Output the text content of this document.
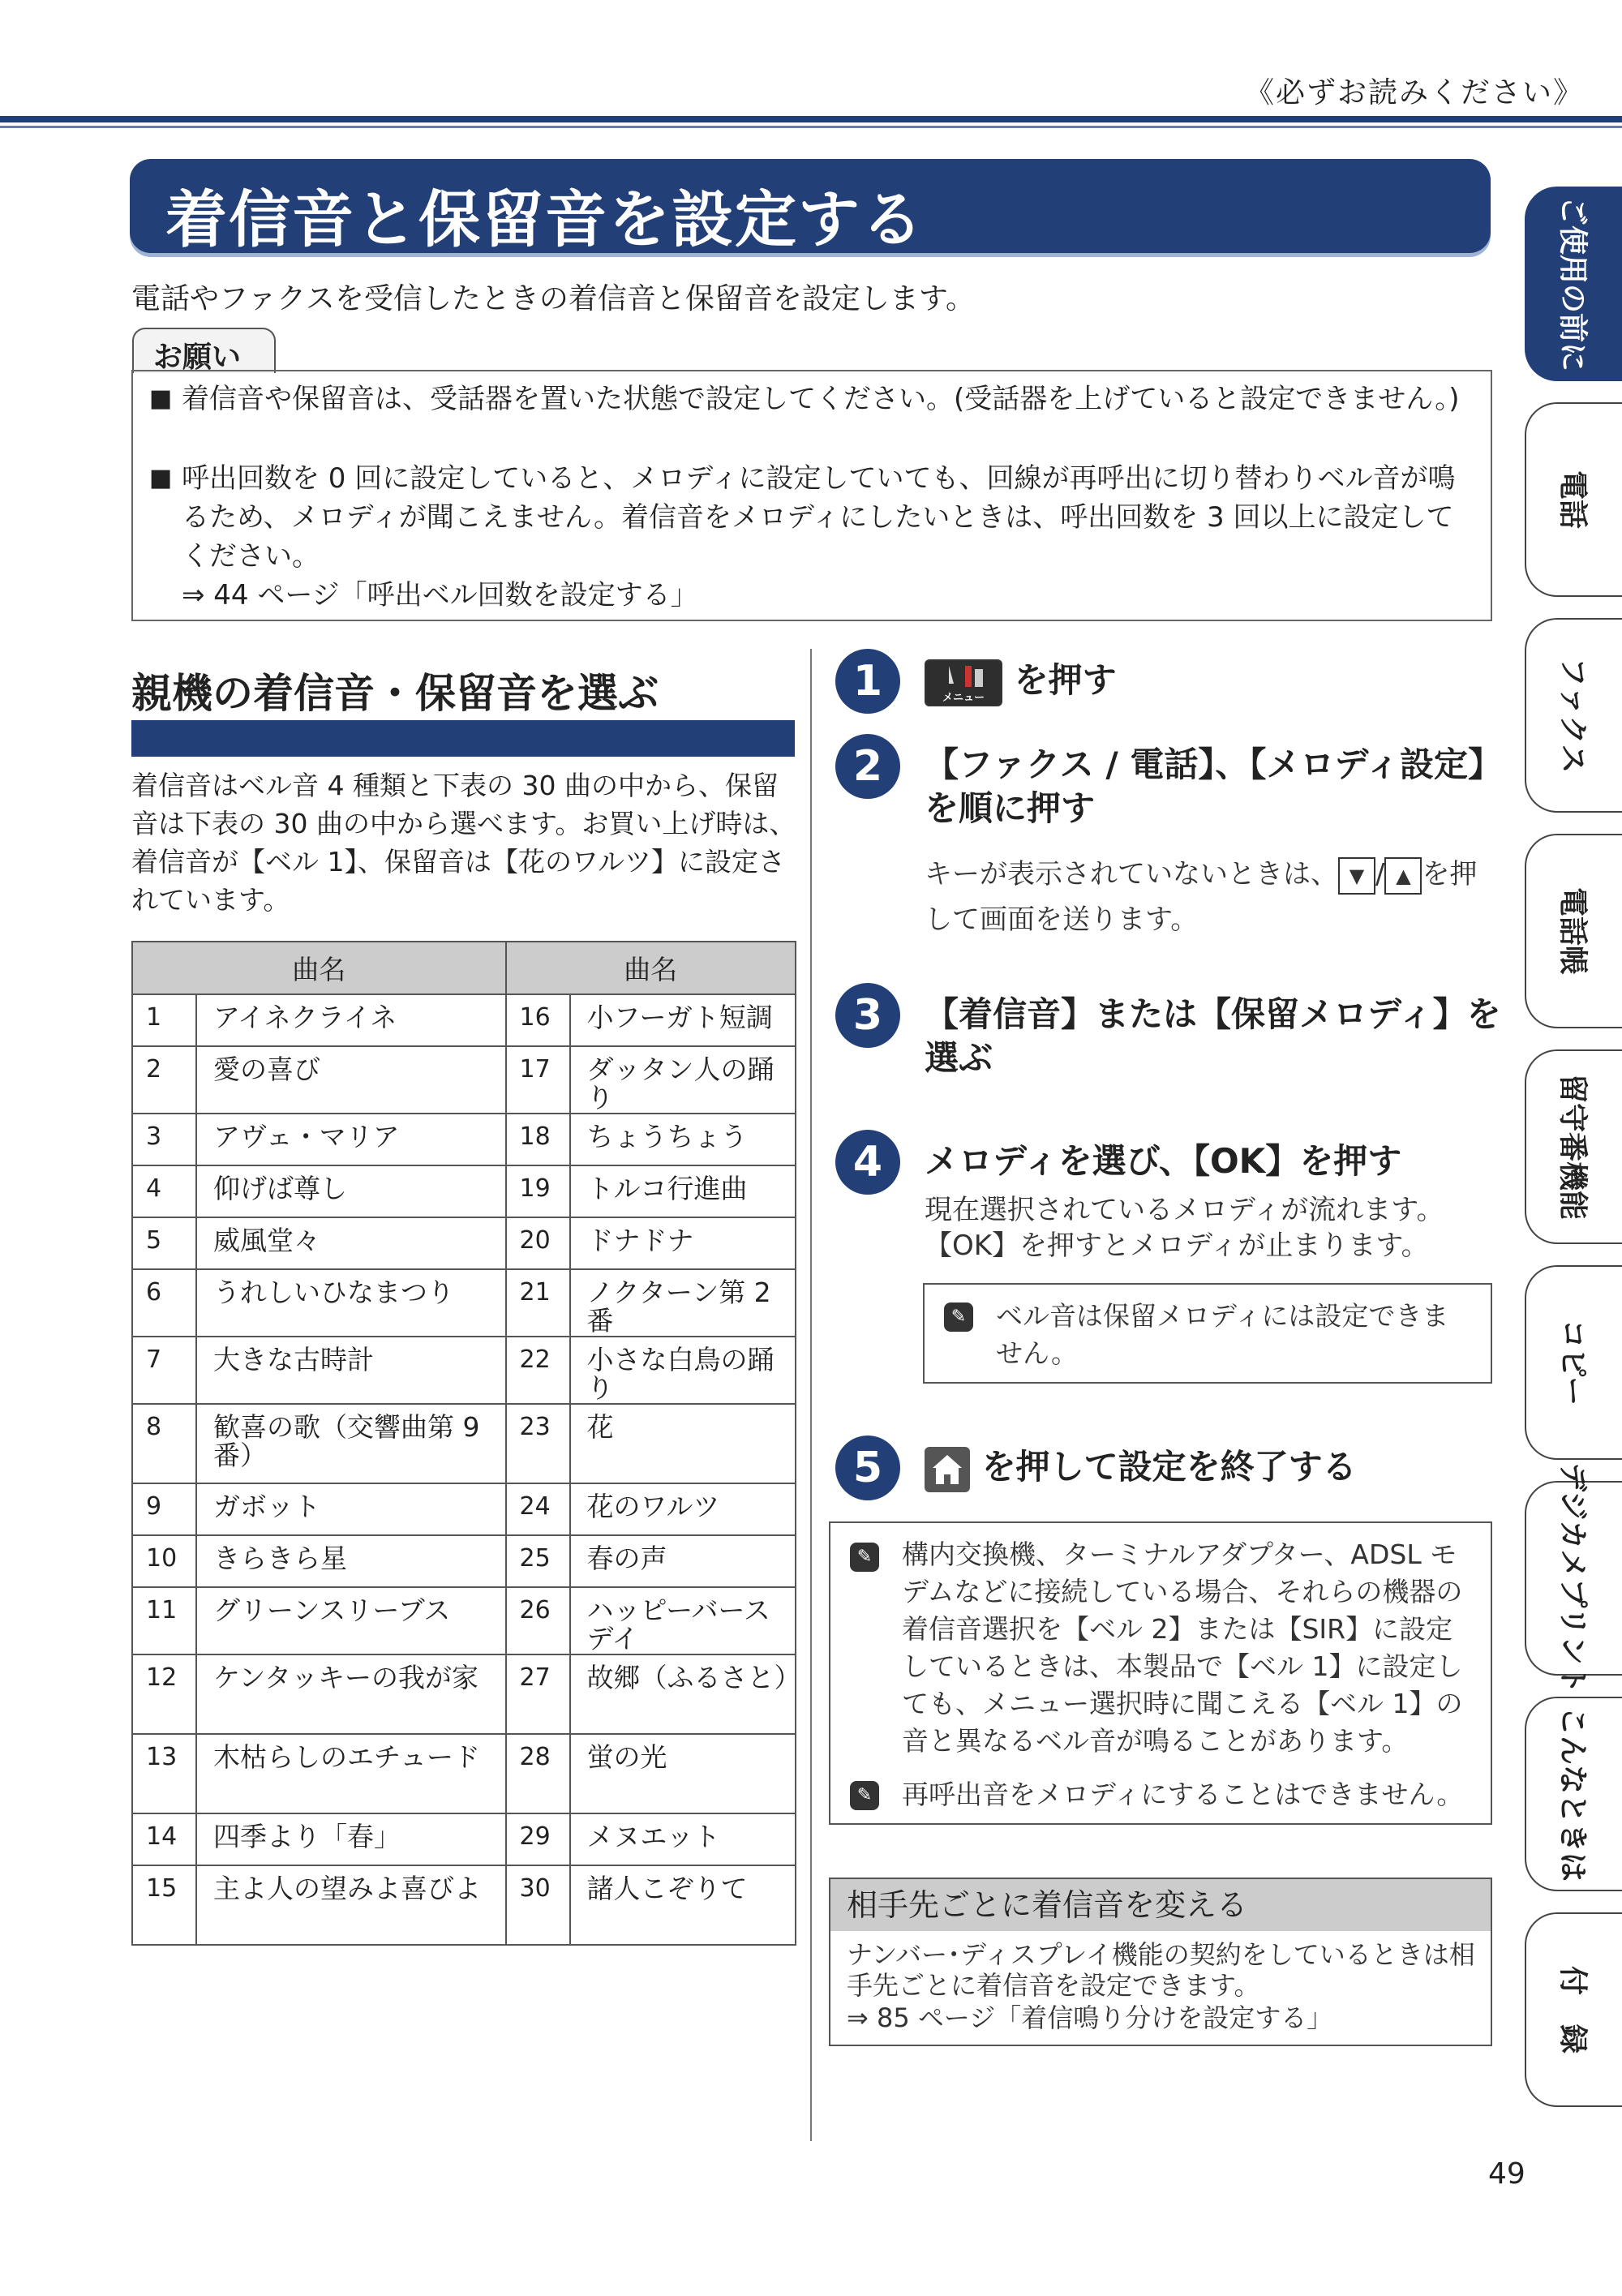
《必ずお読みください》
着信音と保留音を設定する
電話やファクスを受信したときの着信音と保留音を設定します。
お願い
■ 着信音や保留音は、受話器を置いた状態で設定してください。(受話器を上げていると設定できません。)
■ 呼出回数を 0 回に設定していると、メロディに設定していても、回線が再呼出に切り替わりベル音が鳴るため、メロディが聞こえません。着信音をメロディにしたいときは、呼出回数を 3 回以上に設定してください。
⇒ 44 ページ「呼出ベル回数を設定する」
親機の着信音・保留音を選ぶ
着信音はベル音 4 種類と下表の 30 曲の中から、保留音は下表の 30 曲の中から選べます。お買い上げ時は、着信音が【ベル 1】、保留音は【花のワルツ】に設定されています。
曲名		曲名	
1	アイネクライネ	16	小フーガト短調
2	愛の喜び	17	ダッタン人の踊り
3	アヴェ・マリア	18	ちょうちょう
4	仰げば尊し	19	トルコ行進曲
5	威風堂々	20	ドナドナ
6	うれしいひなまつり	21	ノクターン第 2 番
7	大きな古時計	22	小さな白鳥の踊り
8	歓喜の歌（交響曲第 9 番）	23	花
9	ガボット	24	花のワルツ
10	きらきら星	25	春の声
11	グリーンスリーブス	26	ハッピーバースデイ
12	ケンタッキーの我が家	27	故郷（ふるさと）
13	木枯らしのエチュード	28	蛍の光
14	四季より「春」	29	メヌエット
15	主よ人の望みよ喜びよ	30	諸人こぞりて
1	メニュー を押す
2	【ファクス / 電話】、【メロディ設定】を順に押す
キーが表示されていないときは、 ▼ / ▲ を押して画面を送ります。
3	【着信音】または【保留メロディ】を選ぶ
4	メロディを選び、【OK】を押す
現在選択されているメロディが流れます。【OK】を押すとメロディが止まります。
✎ ベル音は保留メロディには設定できません。
5	を押して設定を終了する
✎ 構内交換機、ターミナルアダプター、ADSL モデムなどに接続している場合、それらの機器の着信音選択を【ベル 2】または【SIR】に設定しているときは、本製品で【ベル 1】に設定しても、メニュー選択時に聞こえる【ベル 1】の音と異なるベル音が鳴ることがあります。
✎ 再呼出音をメロディにすることはできません。
相手先ごとに着信音を変える
ナンバー･ディスプレイ機能の契約をしているときは相手先ごとに着信音を設定できます。
⇒ 85 ページ「着信鳴り分けを設定する」
ご使用の前に
電話
ファクス
電話帳
留守番機能
コピー
デジカメプリント
こんなときは
付　録
49
